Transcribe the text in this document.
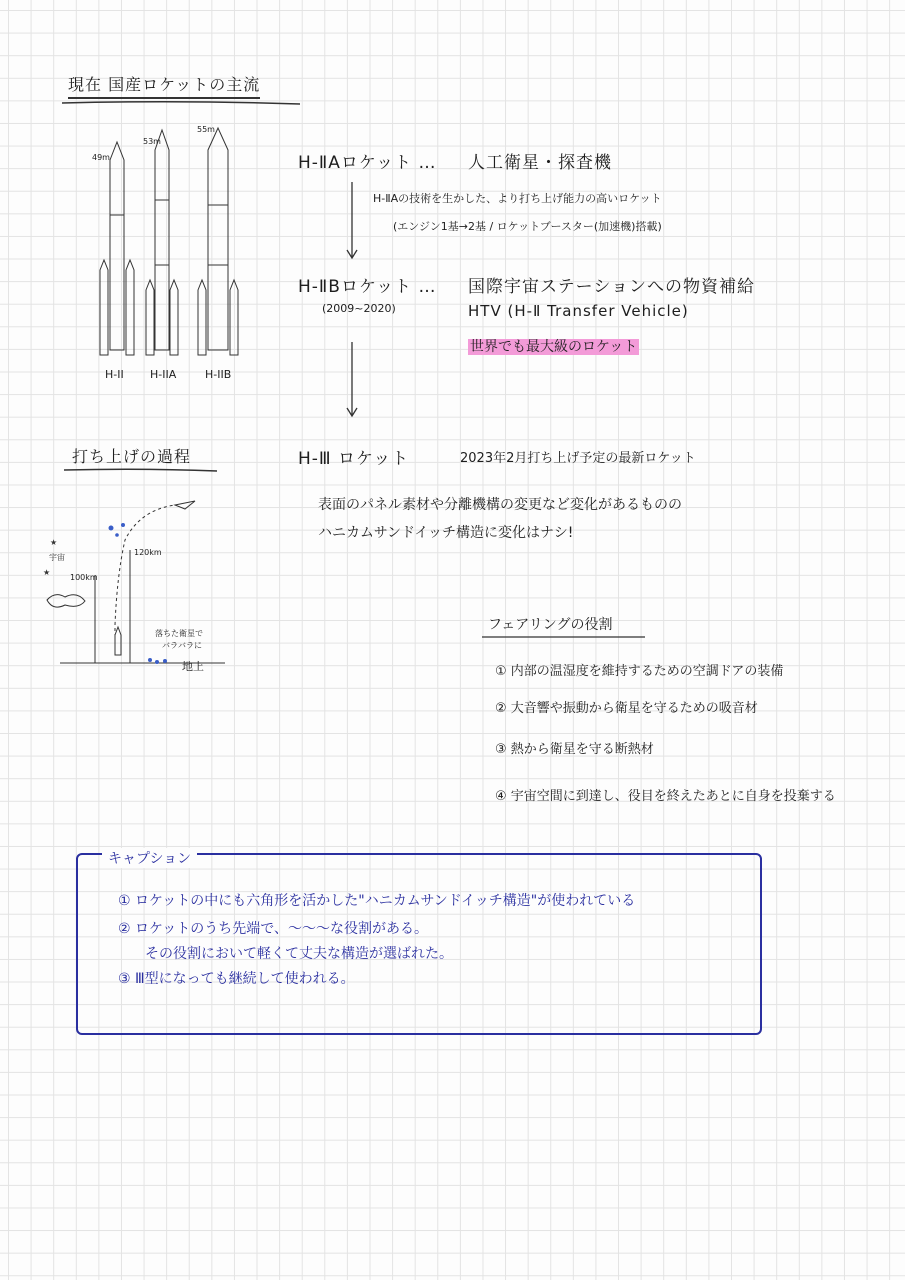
現在 国産ロケットの主流
49m
53m
55m
H-II H-IIA	H-IIB
H-ⅡAロケット … 人工衛星・探査機
H-ⅡAの技術を生かした、より打ち上げ能力の高いロケット
(エンジン1基→2基 / ロケットブースター(加速機)搭載)
H-ⅡBロケット …
(2009~2020)
国際宇宙ステーションへの物資補給
HTV (H-Ⅱ Transfer Vehicle)
世界でも最大級のロケット
H-Ⅲ ロケット	2023年2月打ち上げ予定の最新ロケット
表面のパネル素材や分離機構の変更など変化があるものの
ハニカムサンドイッチ構造に変化はナシ!
打ち上げの過程
★
★
宇宙
100km
120km
落ちた衛星で
バラバラに
地上
フェアリングの役割
① 内部の温湿度を維持するための空調ドアの装備
② 大音響や振動から衛星を守るための吸音材
③ 熱から衛星を守る断熱材
④ 宇宙空間に到達し、役目を終えたあとに自身を投棄する
キャプション
① ロケットの中にも六角形を活かした"ハニカムサンドイッチ構造"が使われている
② ロケットのうち先端で、～～～な役割がある。
その役割において軽くて丈夫な構造が選ばれた。
③ Ⅲ型になっても継続して使われる。
